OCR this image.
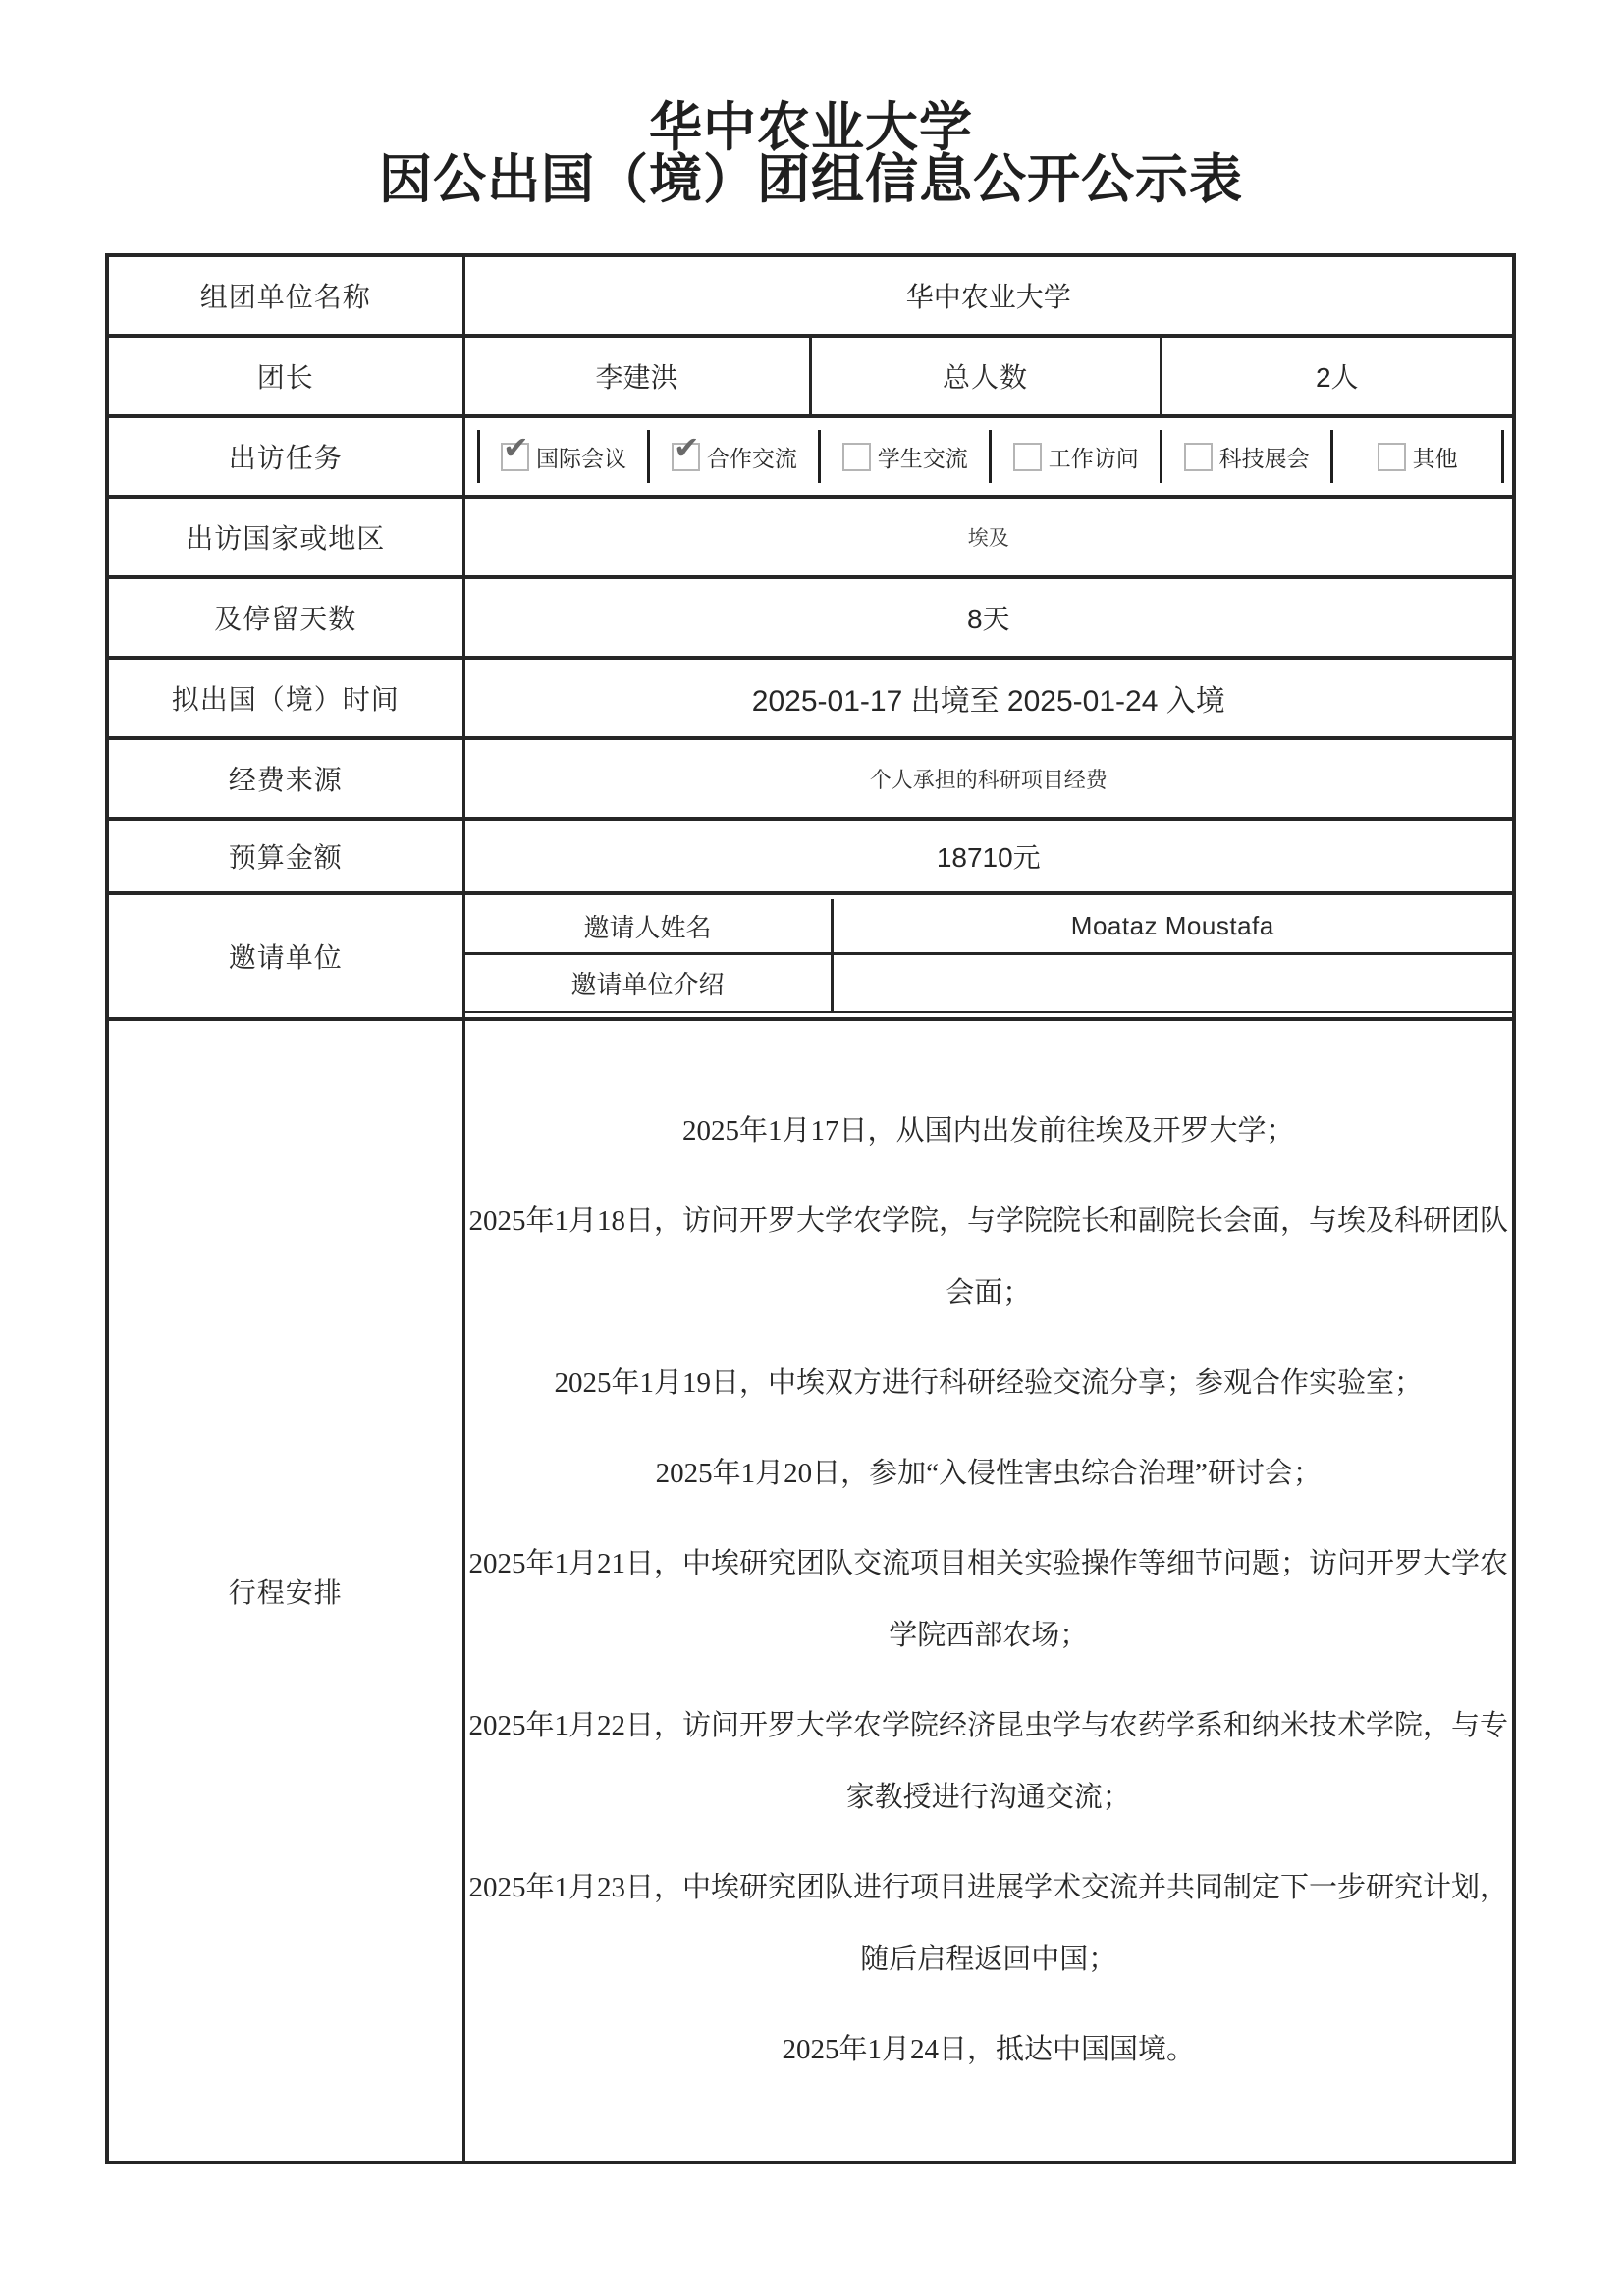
华中农业大学
因公出国（境）团组信息公开公示表
组团单位名称	华中农业大学		
团长	李建洪	总人数	2人
出访任务	✔ 国际会议 ✔ 合作交流	学生交流	工作访问	科技展会	其他

出访国家或地区	埃及		
及停留天数	8天		
拟出国（境）时间	2025-01-17 出境至 2025-01-24 入境		
经费来源	个人承担的科研项目经费		
预算金额	18710元		
邀请单位	邀请人姓名 Moataz Moustafa
邀请单位介绍		

行程安排	

2025年1月17日，从国内出发前往埃及开罗大学；

2025年1月18日，访问开罗大学农学院，与学院院长和副院长会面，与埃及科研团队会面；

2025年1月19日，中埃双方进行科研经验交流分享；参观合作实验室；

2025年1月20日，参加“入侵性害虫综合治理”研讨会；

2025年1月21日，中埃研究团队交流项目相关实验操作等细节问题；访问开罗大学农学院西部农场；

2025年1月22日，访问开罗大学农学院经济昆虫学与农药学系和纳米技术学院，与专家教授进行沟通交流；

2025年1月23日，中埃研究团队进行项目进展学术交流并共同制定下一步研究计划，随后启程返回中国；

2025年1月24日，抵达中国国境。
